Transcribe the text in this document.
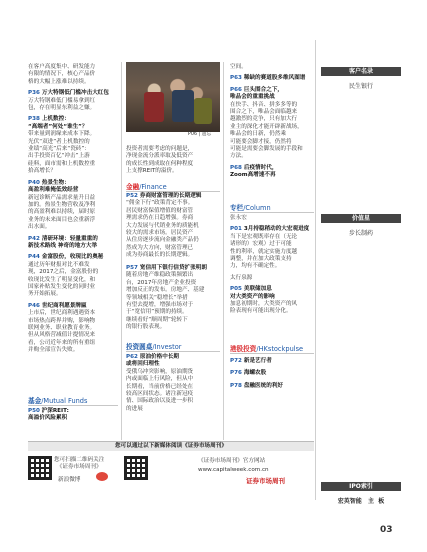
P06 | 遗忘
在客户高度集中、研发能力
有限的情况下，核心产品价
格的大幅上涨难以持续。
P36 万大特钢低门槛冲击大红包
万大特钢难低门槛易拿到红
包，存在明显东利益之嫌。
P38 上机数控：
“高端者”何处“谁生”？
带来量到润缘来成本下降。
光伏“双进”者上机数控的
业绩“高光”后来“瓷砖”：
出手投资百亿“冲击”上游
硅料，面市需和上机数控重
拾高增长？
P40 热景生物：
高盈利难掩低效经营
新冠诊断产品需求量升日益
加的。热景生物营收及净利
的高盈利难以持续，届时原
业务的未来面目也会重新浮
出水面。
P42 清研环境：轻量重重的
新技术路线 神奇的地方大举
P44 金富股份，收现比的奥秘
通过历年财报对比不难发
现，2017之后，金富股份的
收现比发生了明显变化，和
国家补贴发生变化的同时业
务开始拓展。
P46 世纪商利愿景牌匾
上市后，世纪商利遇遇资本
市场热点跨界并购，影响物
联网业务、职业教育业务。
但从风格营减值计提情况来
看，公司近年来的所有重组
并购全部宣告失败。
基金/Mutual Funds
P50 沪深REIT:
高溢价风险累积
投资者需要考虑的问题是，
净现金流分派率取及低资产
的成长性到成取在何种程度
上支撑REIT的溢价。
金融/Finance
P52 券商财富管理的长期逻辑
“佣金下行”政策背定不事。
居民财富保值增值的财富管
理需求仍在日趋增强。券商
大力发展与代销业务的质能机
较大的需求市场。居民资产
从住房逐步流向金融类产品仍
然成为大方向，财富管理已
成为券商最长的长期逻辑。
P57 宽信用下银行信贷扩张明朗
随着房地产维稳政策频繁出
台，2017年房地产企业投资
增加反正的发布。房地产、基建
等领域相关“稳增长”举措
有望去提增，增强市场对于
于“宽信用”预期的持续。
继续看好“顺周期”轮转下
的银行股表现。
投资圆桌/Investor
P62 原油价格中长期
或将回归理性
受俄乌冲突影响，原油期货
内或面临上行风险，但从中
长期看，当前价格已经处在
较高区间状态。诸注新冠疫
情、国际政治以及进一步积
的进展
空间。
P63 稀缺的赛道股多维风图谱
P66 巨头围合之下，
唯品会的重重挑战
在快手、抖音、拼多多等的
围合之下，唯品会面临越来
越激烈的竞争，只有加大行
业主的深化才能开辟新战场，
唯品会的日新，仍然乘
可能要会脚才接，仍然将
可能是需要会脚发展的手段和
方法。
P68 后疫情时代，
Zoom高增速不再
专栏/Column
张永宏
P01 3月持稳稍动的大宏观进度
当下是宏观既率存在（无论
诸形的）宏观）过于可能
性的利率，就定实施力度越
调整，并在加大政策支持
力，均有不确定性。
太行泉源
P05 美联储加息
对大类资产的影响
加息初期时，大类资产的风
险表现有可能出现分化。
港股投资/HKstockpulse
P72 新是艺行者
P76 海螺农股
P78 盘融医统的利好
客户名录
民生银行
价值星
步长制药
IPO索引
宏英智能 主 板
您可以通过以下新媒体阅读《证券市场周刊》
您可扫描二维码关注
《证券市场周刊》
新浪微博
《证券市场周刊》官方网站
www.capitalweek.com.cn
证券市场周刊
03
